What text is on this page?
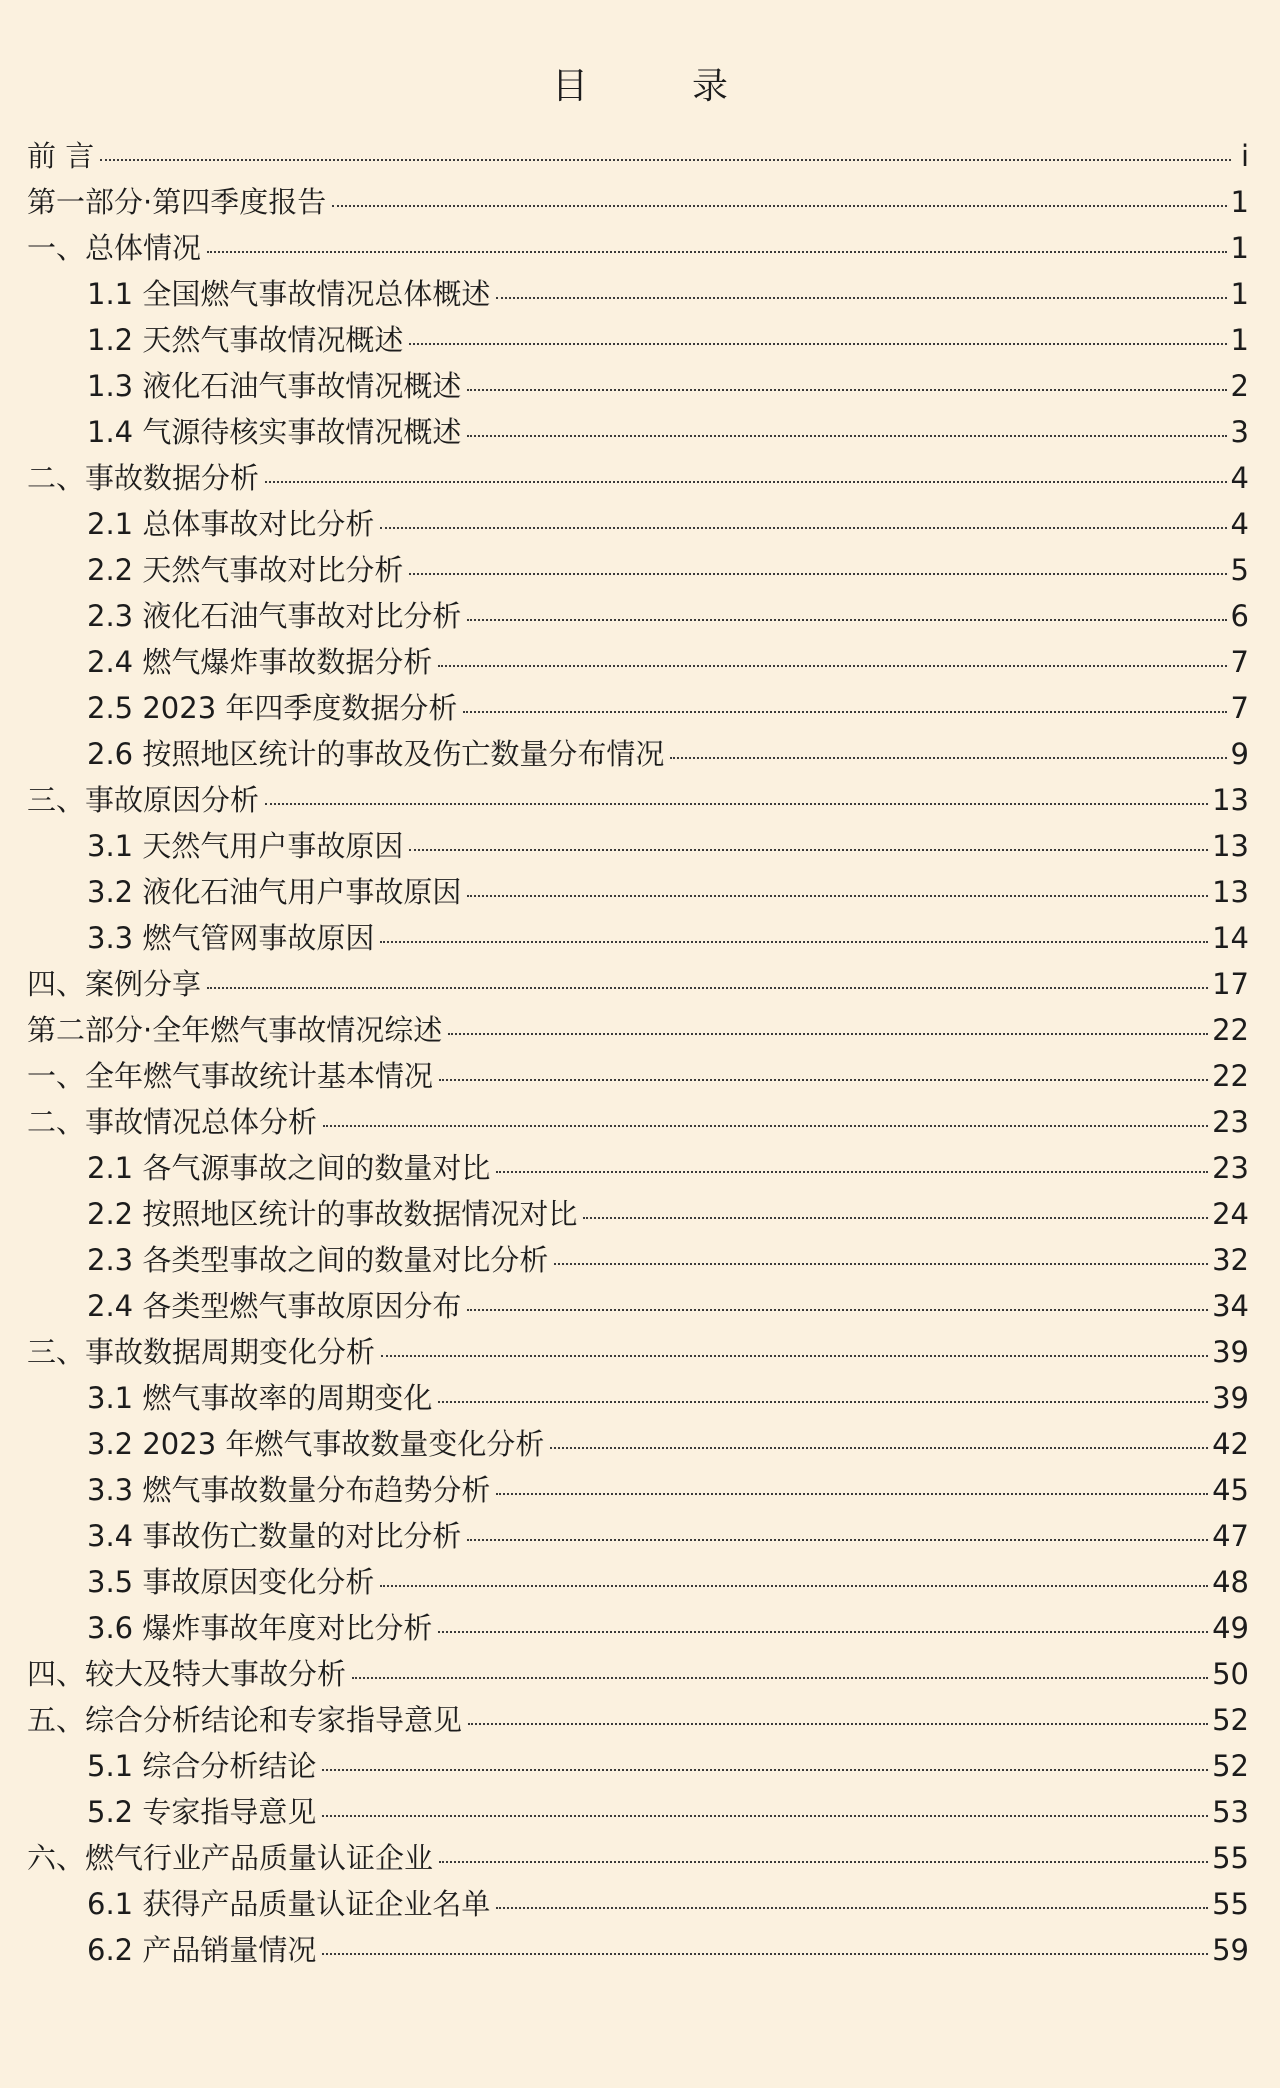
目　录
前 言	i
第一部分·第四季度报告	1
一、总体情况	1
1.1 全国燃气事故情况总体概述	1
1.2 天然气事故情况概述	1
1.3 液化石油气事故情况概述	2
1.4 气源待核实事故情况概述	3
二、事故数据分析	4
2.1 总体事故对比分析	4
2.2 天然气事故对比分析	5
2.3 液化石油气事故对比分析	6
2.4 燃气爆炸事故数据分析	7
2.5 2023 年四季度数据分析	7
2.6 按照地区统计的事故及伤亡数量分布情况	9
三、事故原因分析	13
3.1 天然气用户事故原因	13
3.2 液化石油气用户事故原因	13
3.3 燃气管网事故原因	14
四、案例分享	17
第二部分·全年燃气事故情况综述	22
一、全年燃气事故统计基本情况	22
二、事故情况总体分析	23
2.1 各气源事故之间的数量对比	23
2.2 按照地区统计的事故数据情况对比	24
2.3 各类型事故之间的数量对比分析	32
2.4 各类型燃气事故原因分布	34
三、事故数据周期变化分析	39
3.1 燃气事故率的周期变化	39
3.2 2023 年燃气事故数量变化分析	42
3.3 燃气事故数量分布趋势分析	45
3.4 事故伤亡数量的对比分析	47
3.5 事故原因变化分析	48
3.6 爆炸事故年度对比分析	49
四、较大及特大事故分析	50
五、综合分析结论和专家指导意见	52
5.1 综合分析结论	52
5.2 专家指导意见	53
六、燃气行业产品质量认证企业	55
6.1 获得产品质量认证企业名单	55
6.2 产品销量情况	59
